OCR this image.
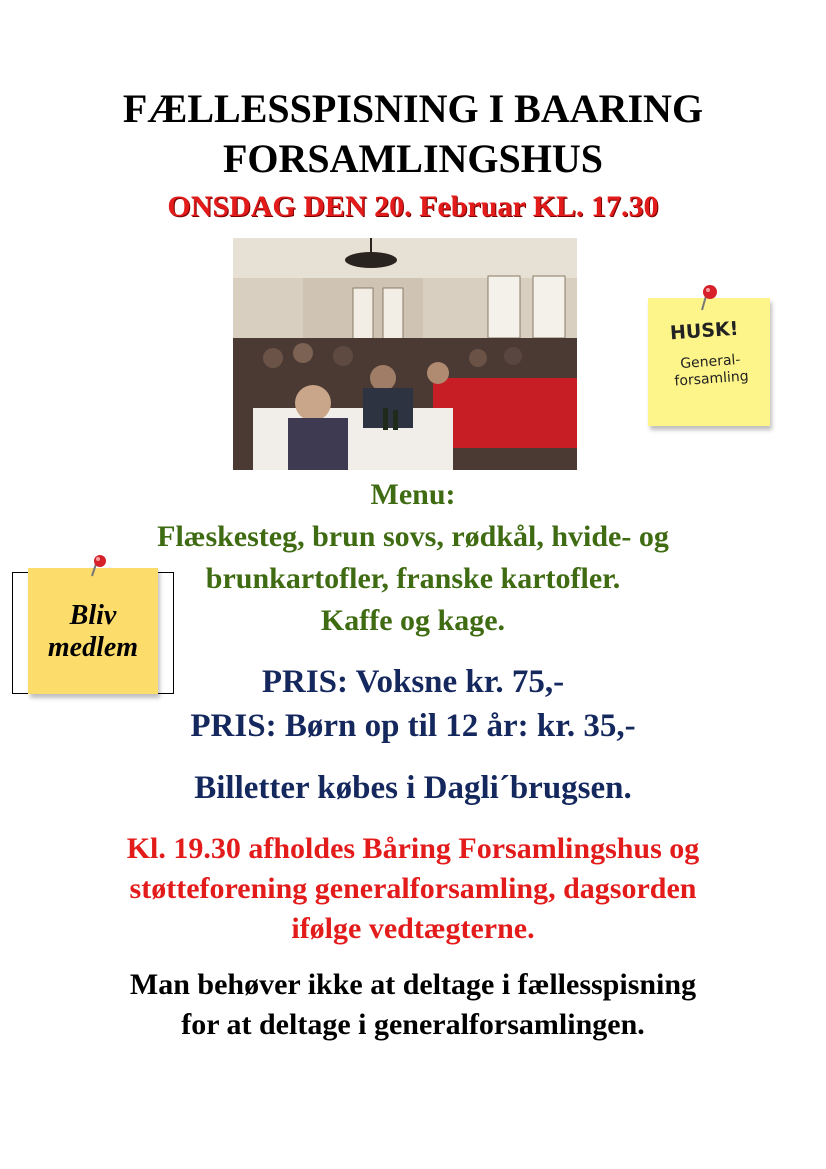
FÆLLESSPISNING I BAARING
FORSAMLINGSHUS
ONSDAG DEN 20. Februar KL. 17.30
HUSK!
General-
forsamling
Bliv
medlem
Menu:
Flæskesteg, brun sovs, rødkål, hvide- og
brunkartofler, franske kartofler.
Kaffe og kage.
PRIS: Voksne kr. 75,-
PRIS: Børn op til 12 år: kr. 35,-
Billetter købes i Dagli´brugsen.
Kl. 19.30 afholdes Båring Forsamlingshus og
støtteforening generalforsamling, dagsorden
ifølge vedtægterne.
Man behøver ikke at deltage i fællesspisning
for at deltage i generalforsamlingen.
